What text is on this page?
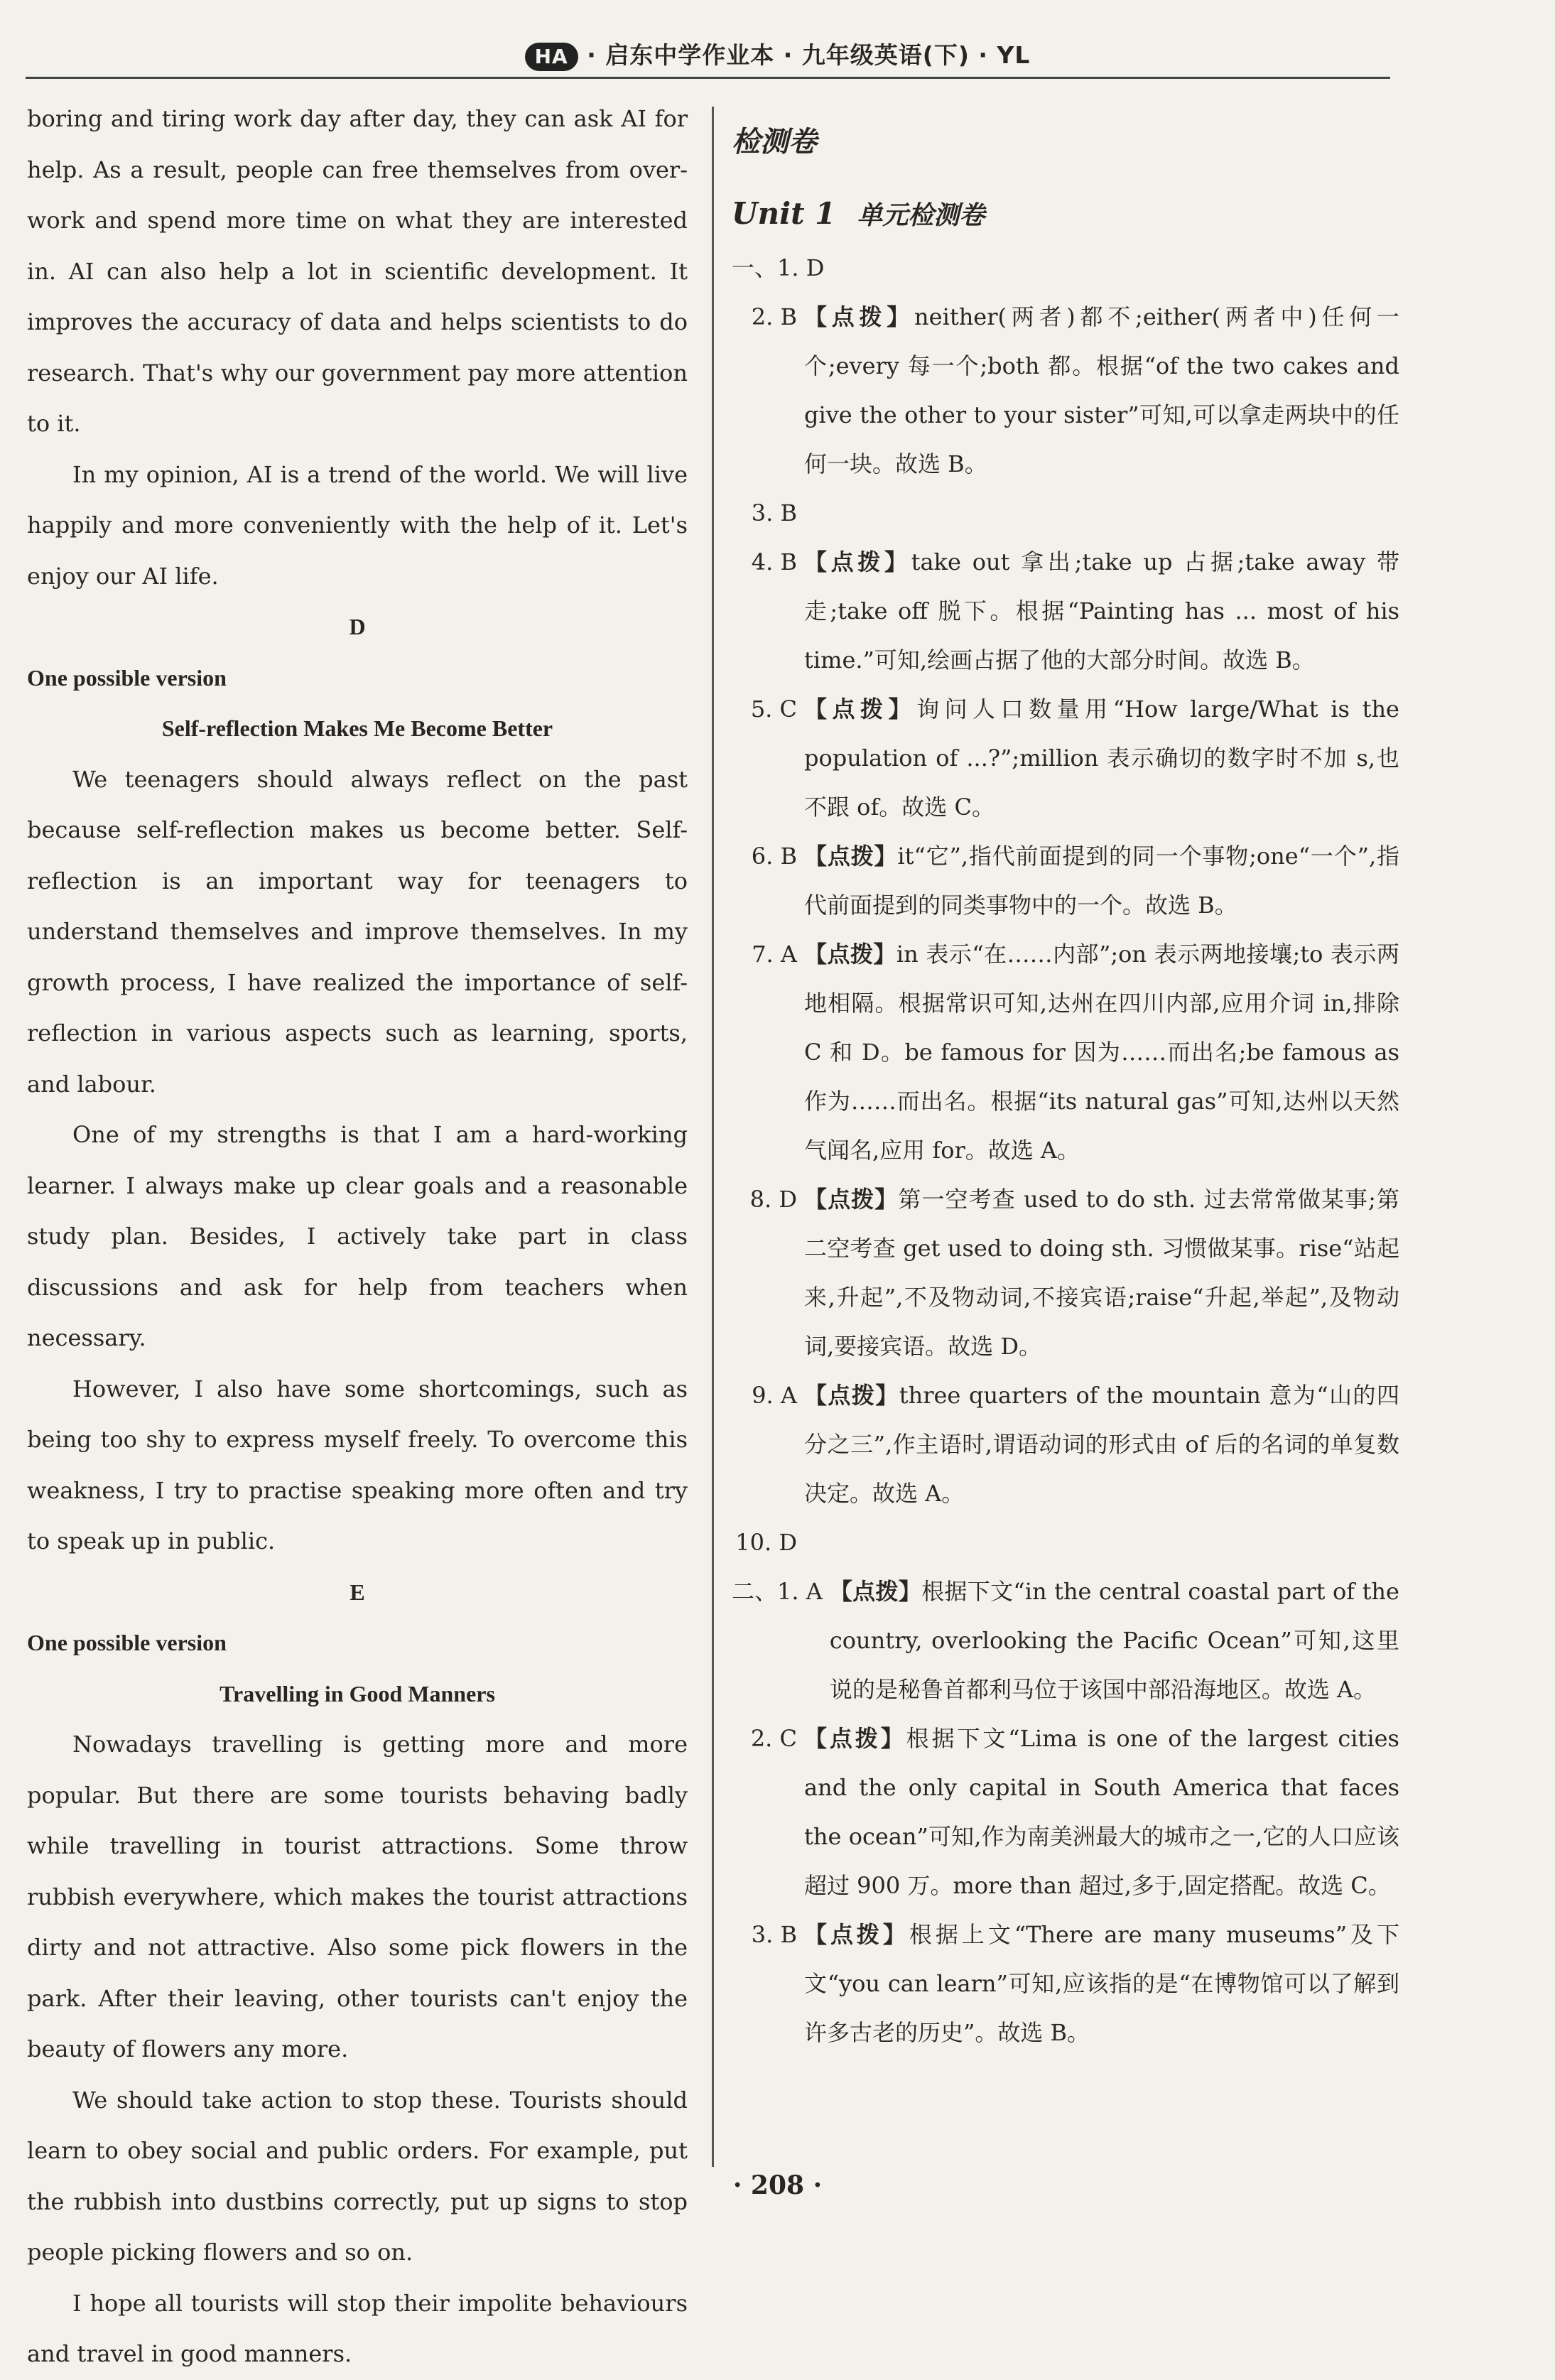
HA · 启东中学作业本 · 九年级英语(下) · YL

boring and tiring work day after day, they can ask AI for help. As a result, people can free themselves from over-work and spend more time on what they are interested in. AI can also help a lot in scientific development. It improves the accuracy of data and helps scientists to do research. That's why our government pay more attention to it.

In my opinion, AI is a trend of the world. We will live happily and more conveniently with the help of it. Let's enjoy our AI life.

D

One possible version

Self-reflection Makes Me Become Better

We teenagers should always reflect on the past because self-reflection makes us become better. Self-reflection is an important way for teenagers to understand themselves and improve themselves. In my growth process, I have realized the importance of self-reflection in various aspects such as learning, sports, and labour.

One of my strengths is that I am a hard-working learner. I always make up clear goals and a reasonable study plan. Besides, I actively take part in class discussions and ask for help from teachers when necessary.

However, I also have some shortcomings, such as being too shy to express myself freely. To overcome this weakness, I try to practise speaking more often and try to speak up in public.

E

One possible version

Travelling in Good Manners

Nowadays travelling is getting more and more popular. But there are some tourists behaving badly while travelling in tourist attractions. Some throw rubbish everywhere, which makes the tourist attractions dirty and not attractive. Also some pick flowers in the park. After their leaving, other tourists can't enjoy the beauty of flowers any more.

We should take action to stop these. Tourists should learn to obey social and public orders. For example, put the rubbish into dustbins correctly, put up signs to stop people picking flowers and so on.

I hope all tourists will stop their impolite behaviours and travel in good manners.

检测卷
Unit 1 单元检测卷
一、1. D
2. B 【点拨】neither(两者)都不;either(两者中)任何一个;every 每一个;both 都。根据“of the two cakes and give the other to your sister”可知,可以拿走两块中的任何一块。故选 B。
3. B
4. B 【点拨】take out 拿出;take up 占据;take away 带走;take off 脱下。根据“Painting has ... most of his time.”可知,绘画占据了他的大部分时间。故选 B。
5. C 【点拨】询问人口数量用“How large/What is the population of ...?”;million 表示确切的数字时不加 s,也不跟 of。故选 C。
6. B 【点拨】it“它”,指代前面提到的同一个事物;one“一个”,指代前面提到的同类事物中的一个。故选 B。
7. A 【点拨】in 表示“在……内部”;on 表示两地接壤;to 表示两地相隔。根据常识可知,达州在四川内部,应用介词 in,排除 C 和 D。be famous for 因为……而出名;be famous as 作为……而出名。根据“its natural gas”可知,达州以天然气闻名,应用 for。故选 A。
8. D 【点拨】第一空考查 used to do sth. 过去常常做某事;第二空考查 get used to doing sth. 习惯做某事。rise“站起来,升起”,不及物动词,不接宾语;raise“升起,举起”,及物动词,要接宾语。故选 D。
9. A 【点拨】three quarters of the mountain 意为“山的四分之三”,作主语时,谓语动词的形式由 of 后的名词的单复数决定。故选 A。
10. D
二、1. A 【点拨】根据下文“in the central coastal part of the country, overlooking the Pacific Ocean”可知,这里说的是秘鲁首都利马位于该国中部沿海地区。故选 A。
2. C 【点拨】根据下文“Lima is one of the largest cities and the only capital in South America that faces the ocean”可知,作为南美洲最大的城市之一,它的人口应该超过 900 万。more than 超过,多于,固定搭配。故选 C。
3. B 【点拨】根据上文“There are many museums”及下文“you can learn”可知,应该指的是“在博物馆可以了解到许多古老的历史”。故选 B。
· 208 ·
